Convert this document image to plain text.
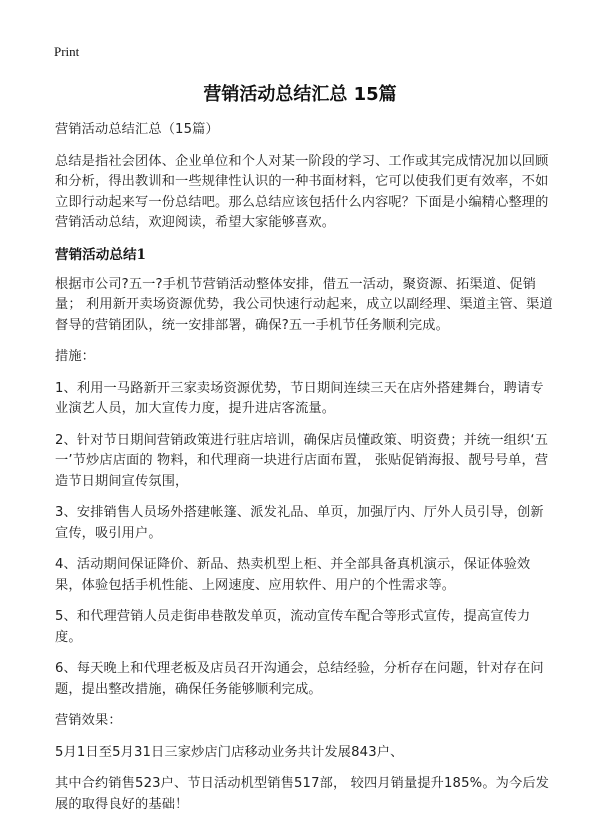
Print
营销活动总结汇总 15篇

营销活动总结汇总（15篇）

总结是指社会团体、企业单位和个人对某一阶段的学习、工作或其完成情况加以回顾和分析，得出教训和一些规律性认识的一种书面材料，它可以使我们更有效率，不如立即行动起来写一份总结吧。那么总结应该包括什么内容呢？下面是小编精心整理的营销活动总结，欢迎阅读，希望大家能够喜欢。

营销活动总结1

根据市公司?五一?手机节营销活动整体安排，借五一活动，聚资源、拓渠道、促销量； 利用新开卖场资源优势，我公司快速行动起来，成立以副经理、渠道主管、渠道督导的营销团队，统一安排部署，确保?五一手机节任务顺利完成。

措施：

1、利用一马路新开三家卖场资源优势，节日期间连续三天在店外搭建舞台，聘请专业演艺人员，加大宣传力度，提升进店客流量。

2、针对节日期间营销政策进行驻店培训，确保店员懂政策、明资费；并统一组织‘五一’节炒店店面的 物料，和代理商一块进行店面布置， 张贴促销海报、靓号号单，营造节日期间宣传氛围，

3、安排销售人员场外搭建帐篷、派发礼品、单页，加强厅内、厅外人员引导，创新宣传，吸引用户。

4、活动期间保证降价、新品、热卖机型上柜、并全部具备真机演示，保证体验效果，体验包括手机性能、上网速度、应用软件、用户的个性需求等。

5、和代理营销人员走街串巷散发单页，流动宣传车配合等形式宣传，提高宣传力度。

6、每天晚上和代理老板及店员召开沟通会，总结经验，分析存在问题，针对存在问题，提出整改措施，确保任务能够顺利完成。

营销效果：

5月1日至5月31日三家炒店门店移动业务共计发展843户、

其中合约销售523户、节日活动机型销售517部， 较四月销量提升185%。为今后发展的取得良好的基础！
